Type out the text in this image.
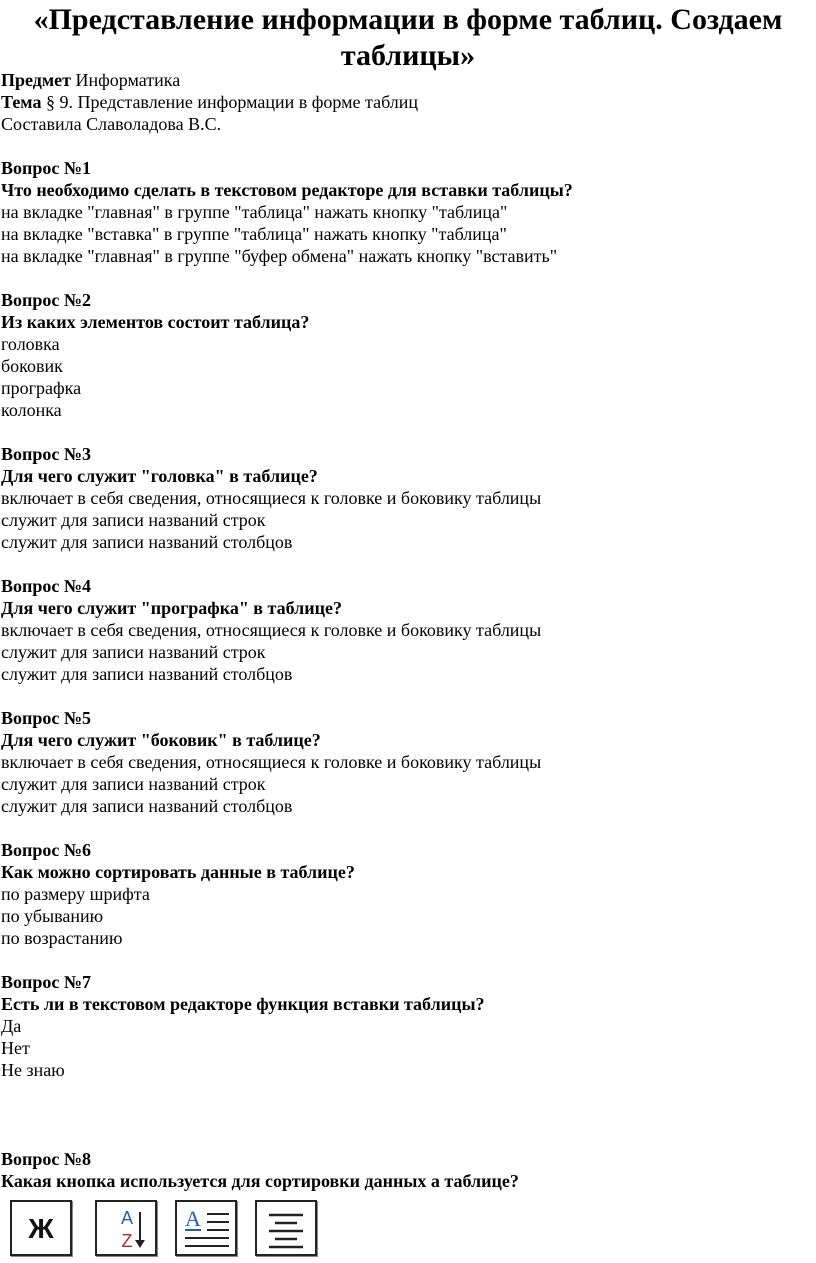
«Представление информации в форме таблиц. Создаем таблицы»
Предмет Информатика
Тема § 9. Представление информации в форме таблиц
Составила Славоладова В.С.
Вопрос №1
Что необходимо сделать в текстовом редакторе для вставки таблицы?
на вкладке "главная" в группе "таблица" нажать кнопку "таблица"
на вкладке "вставка" в группе "таблица" нажать кнопку "таблица"
на вкладке "главная" в группе "буфер обмена" нажать кнопку "вставить"
Вопрос №2
Из каких элементов состоит таблица?
головка
боковик
прографка
колонка
Вопрос №3
Для чего служит "головка" в таблице?
включает в себя сведения, относящиеся к головке и боковику таблицы
служит для записи названий строк
служит для записи названий столбцов
Вопрос №4
Для чего служит "прографка" в таблице?
включает в себя сведения, относящиеся к головке и боковику таблицы
служит для записи названий строк
служит для записи названий столбцов
Вопрос №5
Для чего служит "боковик" в таблице?
включает в себя сведения, относящиеся к головке и боковику таблицы
служит для записи названий строк
служит для записи названий столбцов
Вопрос №6
Как можно сортировать данные в таблице?
по размеру шрифта
по убыванию
по возрастанию
Вопрос №7
Есть ли в текстовом редакторе функция вставки таблицы?
Да
Нет
Не знаю
Вопрос №8
Какая кнопка используется для сортировки данных а таблице?
Ж	A
Z
A
